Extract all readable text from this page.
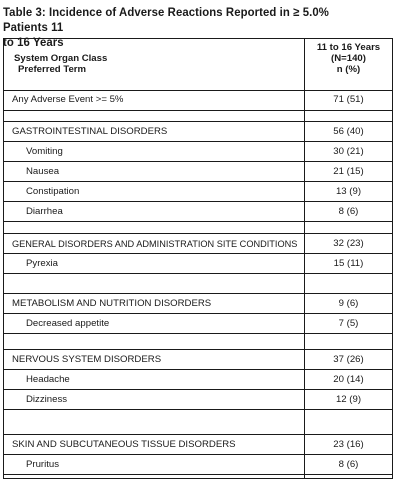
Table 3: Incidence of Adverse Reactions Reported in ≥ 5.0% Patients 11
to 16 Years
System Organ Class
Preferred Term
11 to 16 Years
(N=140)
n (%)
Any Adverse Event >= 5%	71 (51)
GASTROINTESTINAL DISORDERS	56 (40)
Vomiting	30 (21)
Nausea	21 (15)
Constipation	13 (9)
Diarrhea	8 (6)
GENERAL DISORDERS AND ADMINISTRATION SITE CONDITIONS	32 (23)
Pyrexia	15 (11)
METABOLISM AND NUTRITION DISORDERS	9 (6)
Decreased appetite	7 (5)
NERVOUS SYSTEM DISORDERS	37 (26)
Headache	20 (14)
Dizziness	12 (9)
SKIN AND SUBCUTANEOUS TISSUE DISORDERS	23 (16)
Pruritus	8 (6)
